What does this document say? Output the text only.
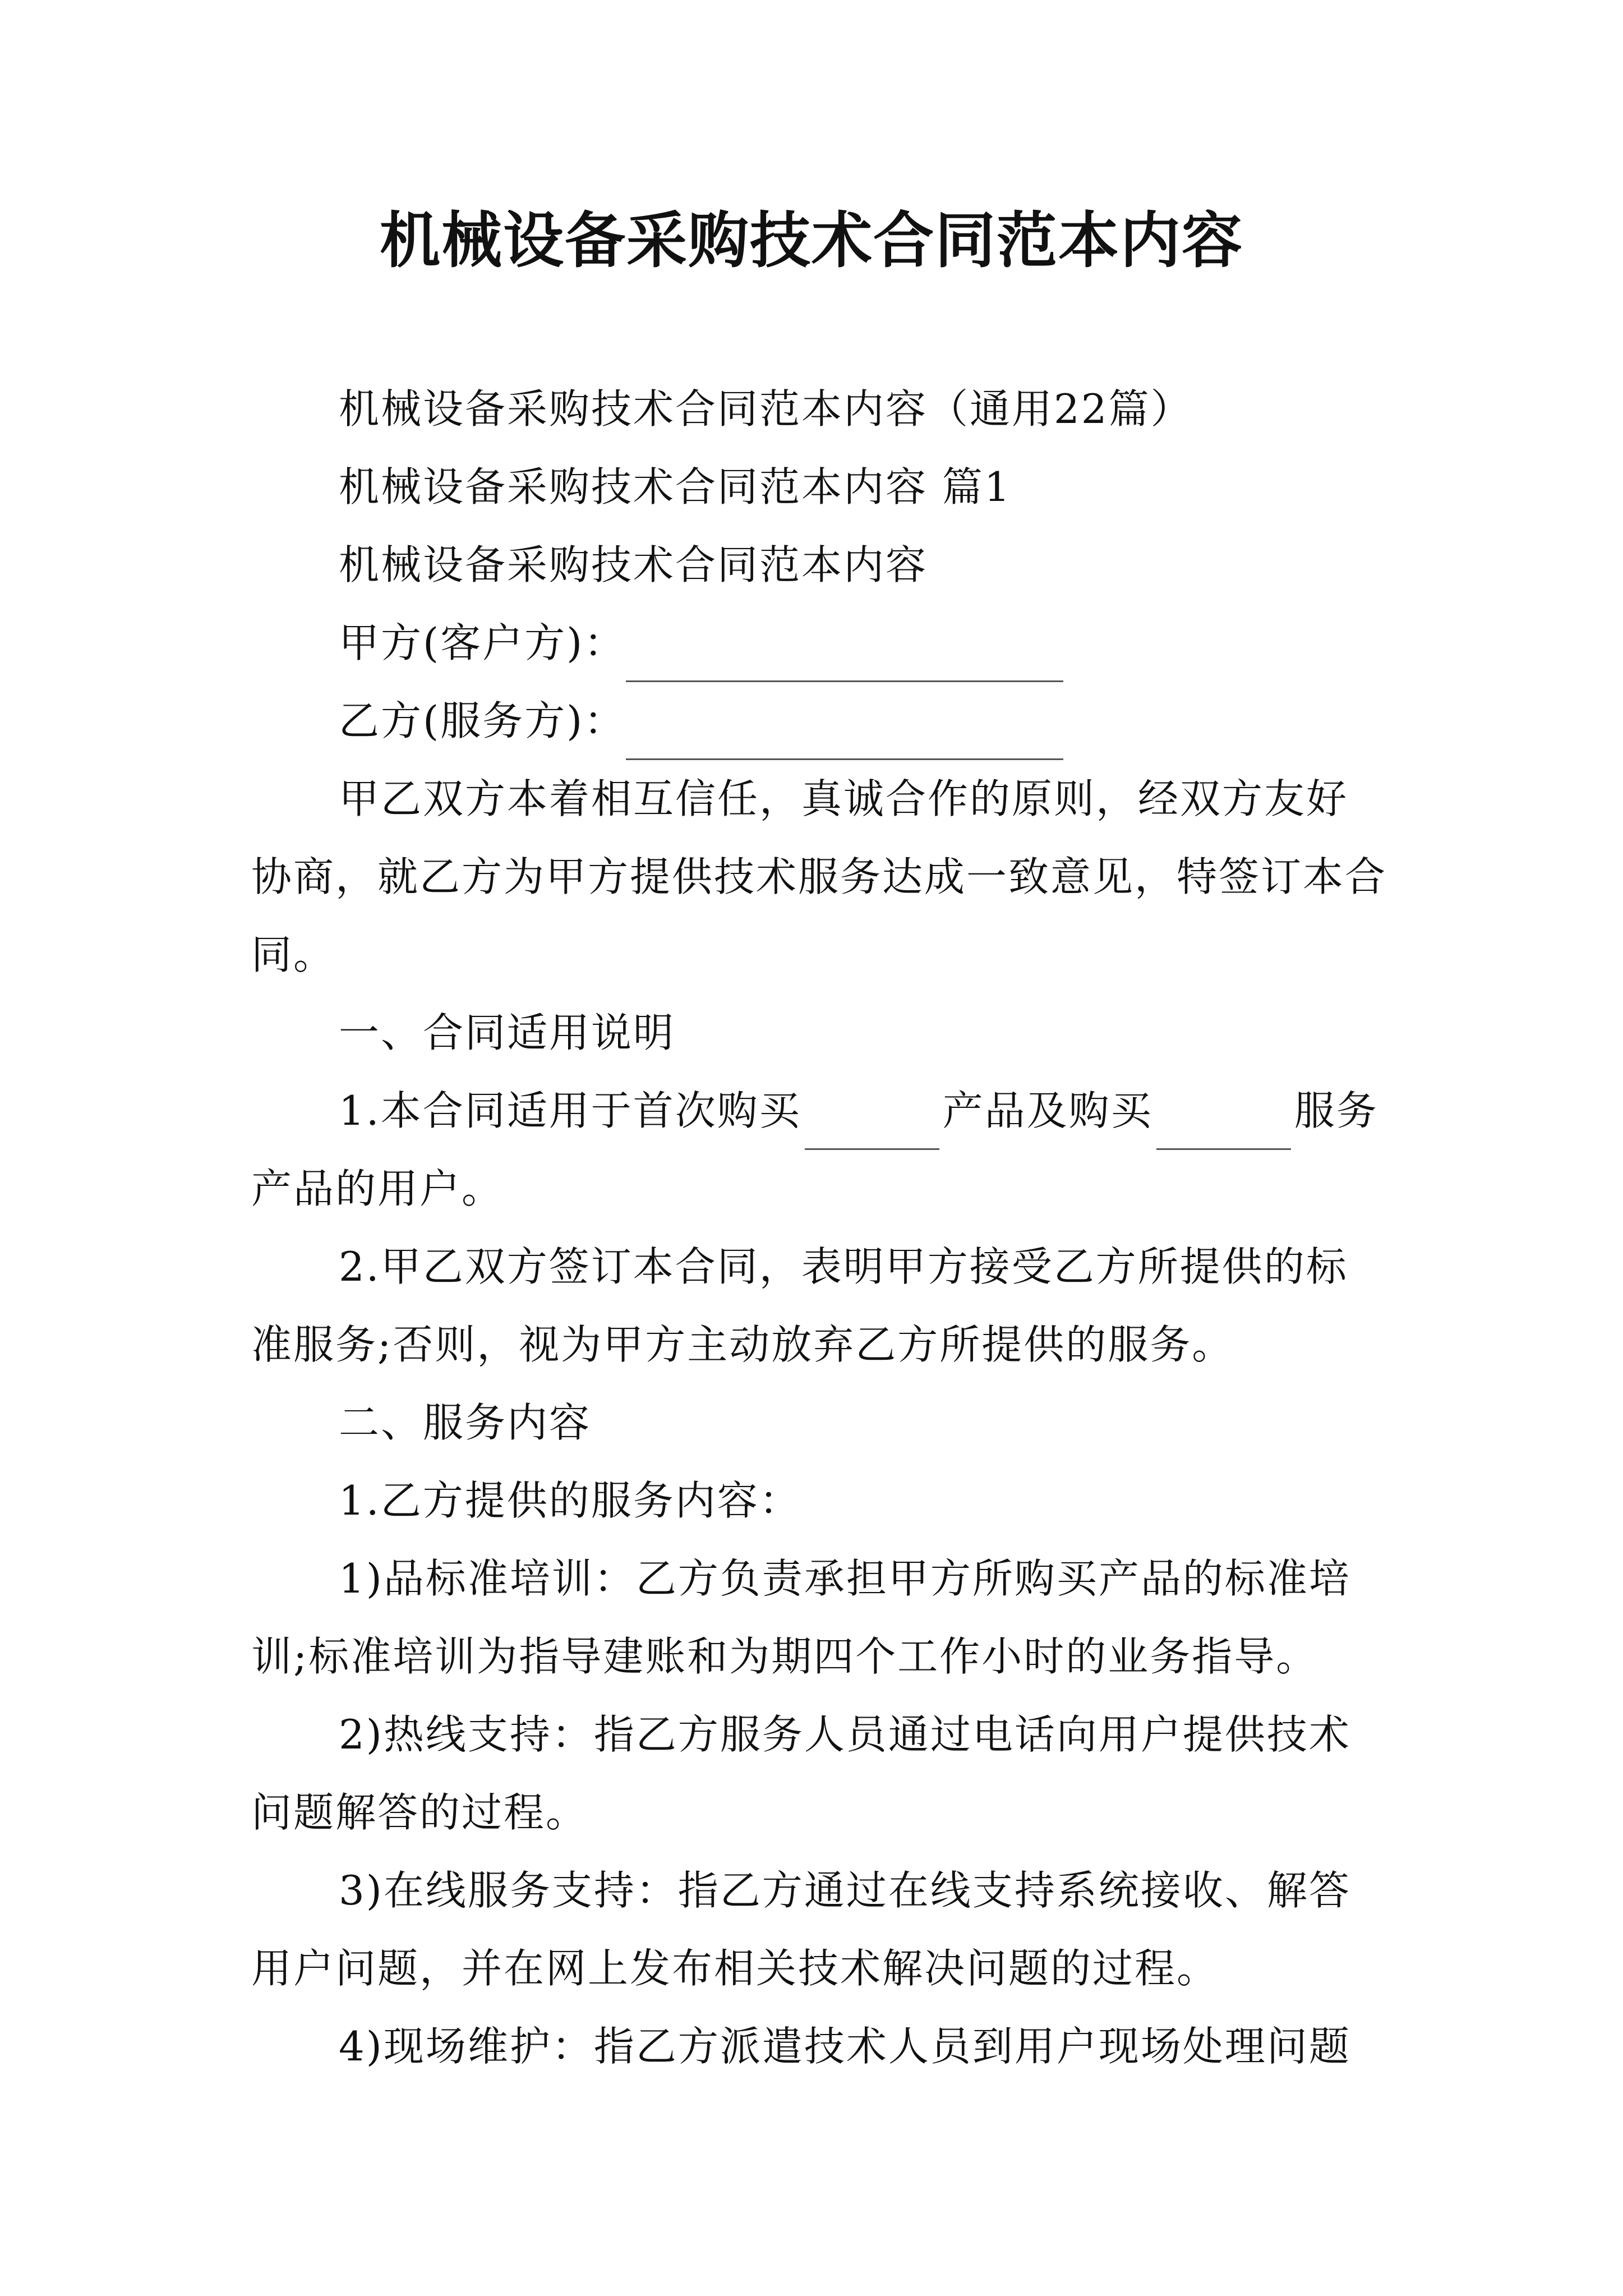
机械设备采购技术合同范本内容

机械设备采购技术合同范本内容（通用22篇）

机械设备采购技术合同范本内容 篇1

机械设备采购技术合同范本内容

甲方(客户方)：

乙方(服务方)：

甲乙双方本着相互信任，真诚合作的原则，经双方友好协商，就乙方为甲方提供技术服务达成一致意见，特签订本合同。

一、合同适用说明

1.本合同适用于首次购买	产品及购买	服务产品的用户。

2.甲乙双方签订本合同，表明甲方接受乙方所提供的标准服务;否则，视为甲方主动放弃乙方所提供的服务。

二、服务内容

1.乙方提供的服务内容：

1)品标准培训：乙方负责承担甲方所购买产品的标准培训;标准培训为指导建账和为期四个工作小时的业务指导。

2)热线支持：指乙方服务人员通过电话向用户提供技术问题解答的过程。

3)在线服务支持：指乙方通过在线支持系统接收、解答用户问题，并在网上发布相关技术解决问题的过程。

4)现场维护：指乙方派遣技术人员到用户现场处理问题
